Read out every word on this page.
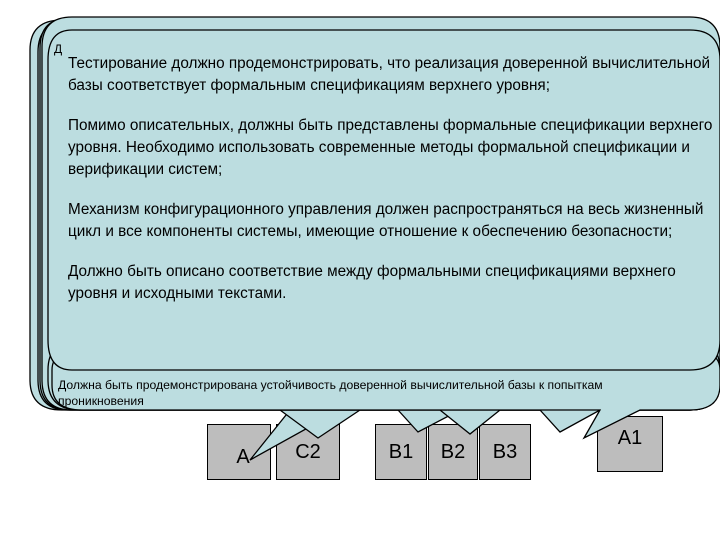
А C2	B1 B2 B3
A1
Д

Тестирование должно продемонстрировать, что реализация доверенной вычислительной базы соответствует формальным спецификациям верхнего уровня;

Помимо описательных, должны быть представлены формальные спецификации верхнего уровня. Необходимо использовать современные методы формальной спецификации и верификации систем;

Механизм конфигурационного управления должен распространяться на весь жизненный цикл и все компоненты системы, имеющие отношение к обеспечению безопасности;

Должно быть описано соответствие между формальными спецификациями верхнего уровня и исходными текстами.

Должна быть продемонстрирована устойчивость доверенной вычислительной базы к попыткам
проникновения
